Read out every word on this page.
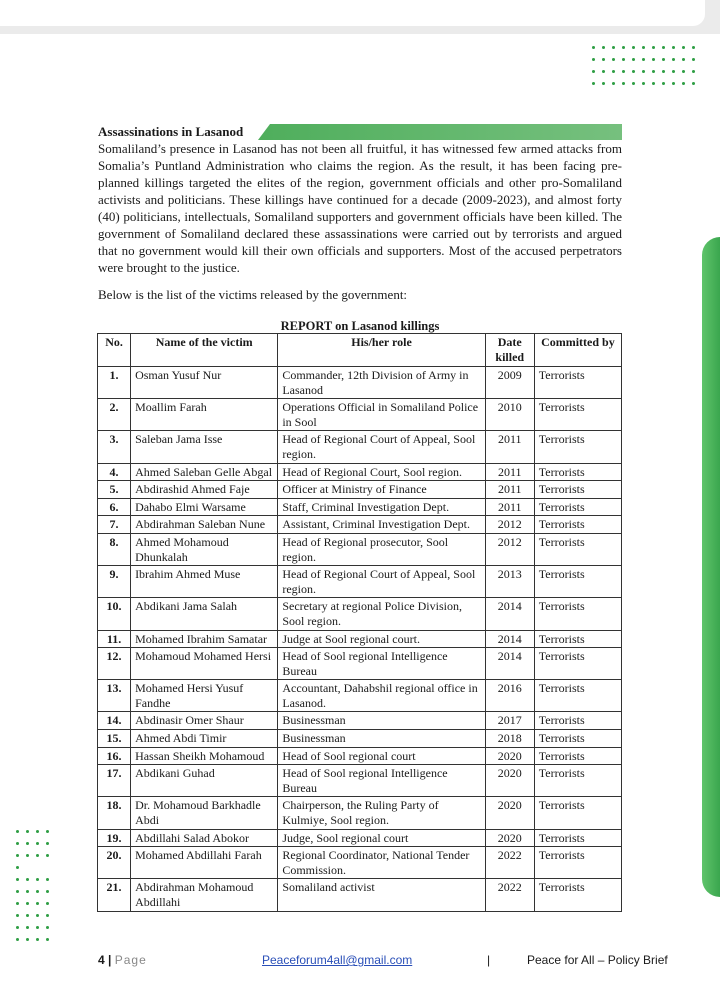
Assassinations in Lasanod

Somaliland’s presence in Lasanod has not been all fruitful, it has witnessed few armed attacks from Somalia’s Puntland Administration who claims the region. As the result, it has been facing pre-planned killings targeted the elites of the region, government officials and other pro-Somaliland activists and politicians. These killings have continued for a decade (2009-2023), and almost forty (40) politicians, intellectuals, Somaliland supporters and government officials have been killed. The government of Somaliland declared these assassinations were carried out by terrorists and argued that no government would kill their own officials and supporters. Most of the accused perpetrators were brought to the justice.

Below is the list of the victims released by the government:

REPORT on Lasanod killings
No.	Name of the victim	His/her role	Date killed	Committed by
1.	Osman Yusuf Nur	Commander, 12th Division of Army in Lasanod	2009	Terrorists
2.	Moallim Farah	Operations Official in Somaliland Police in Sool	2010	Terrorists
3.	Saleban Jama Isse	Head of Regional Court of Appeal, Sool region.	2011	Terrorists
4.	Ahmed Saleban Gelle Abgal	Head of Regional Court, Sool region.	2011	Terrorists
5.	Abdirashid Ahmed Faje	Officer at Ministry of Finance	2011	Terrorists
6.	Dahabo Elmi Warsame	Staff, Criminal Investigation Dept.	2011	Terrorists
7.	Abdirahman Saleban Nune	Assistant, Criminal Investigation Dept.	2012	Terrorists
8.	Ahmed Mohamoud Dhunkalah	Head of Regional prosecutor, Sool region.	2012	Terrorists
9.	Ibrahim Ahmed Muse	Head of Regional Court of Appeal, Sool region.	2013	Terrorists
10.	Abdikani Jama Salah	Secretary at regional Police Division, Sool region.	2014	Terrorists
11.	Mohamed Ibrahim Samatar	Judge at Sool regional court.	2014	Terrorists
12.	Mohamoud Mohamed Hersi	Head of Sool regional Intelligence Bureau	2014	Terrorists
13.	Mohamed Hersi Yusuf Fandhe	Accountant, Dahabshil regional office in Lasanod.	2016	Terrorists
14.	Abdinasir Omer Shaur	Businessman	2017	Terrorists
15.	Ahmed Abdi Timir	Businessman	2018	Terrorists
16.	Hassan Sheikh Mohamoud	Head of Sool regional court	2020	Terrorists
17.	Abdikani Guhad	Head of Sool regional Intelligence Bureau	2020	Terrorists
18.	Dr. Mohamoud Barkhadle Abdi	Chairperson, the Ruling Party of Kulmiye, Sool region.	2020	Terrorists
19.	Abdillahi Salad Abokor	Judge, Sool regional court	2020	Terrorists
20.	Mohamed Abdillahi Farah	Regional Coordinator, National Tender Commission.	2022	Terrorists
21.	Abdirahman Mohamoud Abdillahi	Somaliland activist	2022	Terrorists
4 | Page	Peaceforum4all@gmail.com	|	Peace for All – Policy Brief
